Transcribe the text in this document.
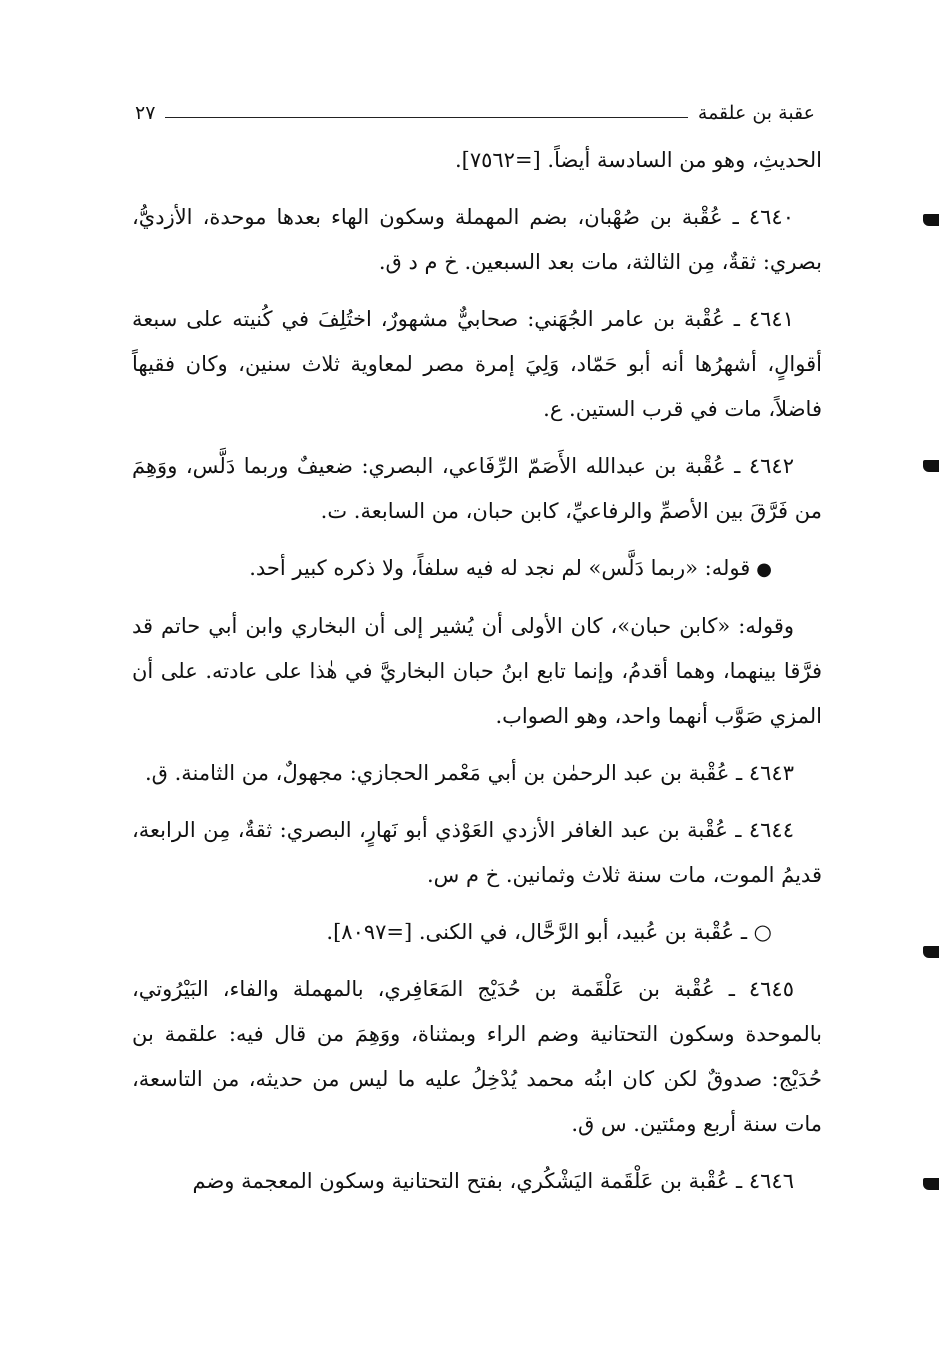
عقبة بن علقمة
٢٧

الحديثِ، وهو من السادسة أيضاً. [=٧٥٦٢].

٤٦٤٠ ـ عُقْبة بن صُهْبان، بضم المهملة وسكون الهاء بعدها موحدة، الأزديُّ، بصري: ثقةٌ، مِن الثالثة، مات بعد السبعين. خ م د ق.

٤٦٤١ ـ عُقْبة بن عامر الجُهَني: صحابيٌّ مشهورٌ، اختُلِفَ في كُنيته على سبعة أقوالٍ، أشهرُها أنه أبو حَمّاد، وَلِيَ إمرة مصر لمعاوية ثلاث سنين، وكان فقيهاً فاضلاً، مات في قرب الستين. ع.

٤٦٤٢ ـ عُقْبة بن عبدالله الأَصَمّ الرِّفَاعي، البصري: ضعيفٌ وربما دَلَّس، ووَهِمَ من فَرَّقَ بين الأصمِّ والرفاعيِّ، كابن حبان، من السابعة. ت.

●قوله: «ربما دَلَّس» لم نجد له فيه سلفاً، ولا ذكره كبير أحد.

وقوله: «كابن حبان»، كان الأولى أن يُشير إلى أن البخاري وابن أبي حاتم قد فرَّقا بينهما، وهما أقدمُ، وإنما تابع ابنُ حبان البخاريَّ في هٰذا على عادته. على أن المزي صَوَّب أنهما واحد، وهو الصواب.

٤٦٤٣ ـ عُقْبة بن عبد الرحمٰن بن أبي مَعْمر الحجازي: مجهولٌ، من الثامنة. ق.

٤٦٤٤ ـ عُقْبة بن عبد الغافر الأزدي العَوْذي أبو نَهارٍ، البصري: ثقةٌ، مِن الرابعة، قديمُ الموت، مات سنة ثلاث وثمانين. خ م س.

○ ـ عُقْبة بن عُبيد، أبو الرَّحَّال، في الكنى. [=٨٠٩٧].

٤٦٤٥ ـ عُقْبة بن عَلْقَمة بن حُدَيْج المَعَافِري، بالمهملة والفاء، البَيْرُوتي، بالموحدة وسكون التحتانية وضم الراء وبمثناة، ووَهِمَ من قال فيه: علقمة بن حُدَيْج: صدوقٌ لكن كان ابنُه محمد يُدْخِلُ عليه ما ليس من حديثه، من التاسعة، مات سنة أربع ومئتين. س ق.

٤٦٤٦ ـ عُقْبة بن عَلْقَمة اليَشْكُري، بفتح التحتانية وسكون المعجمة وضم
